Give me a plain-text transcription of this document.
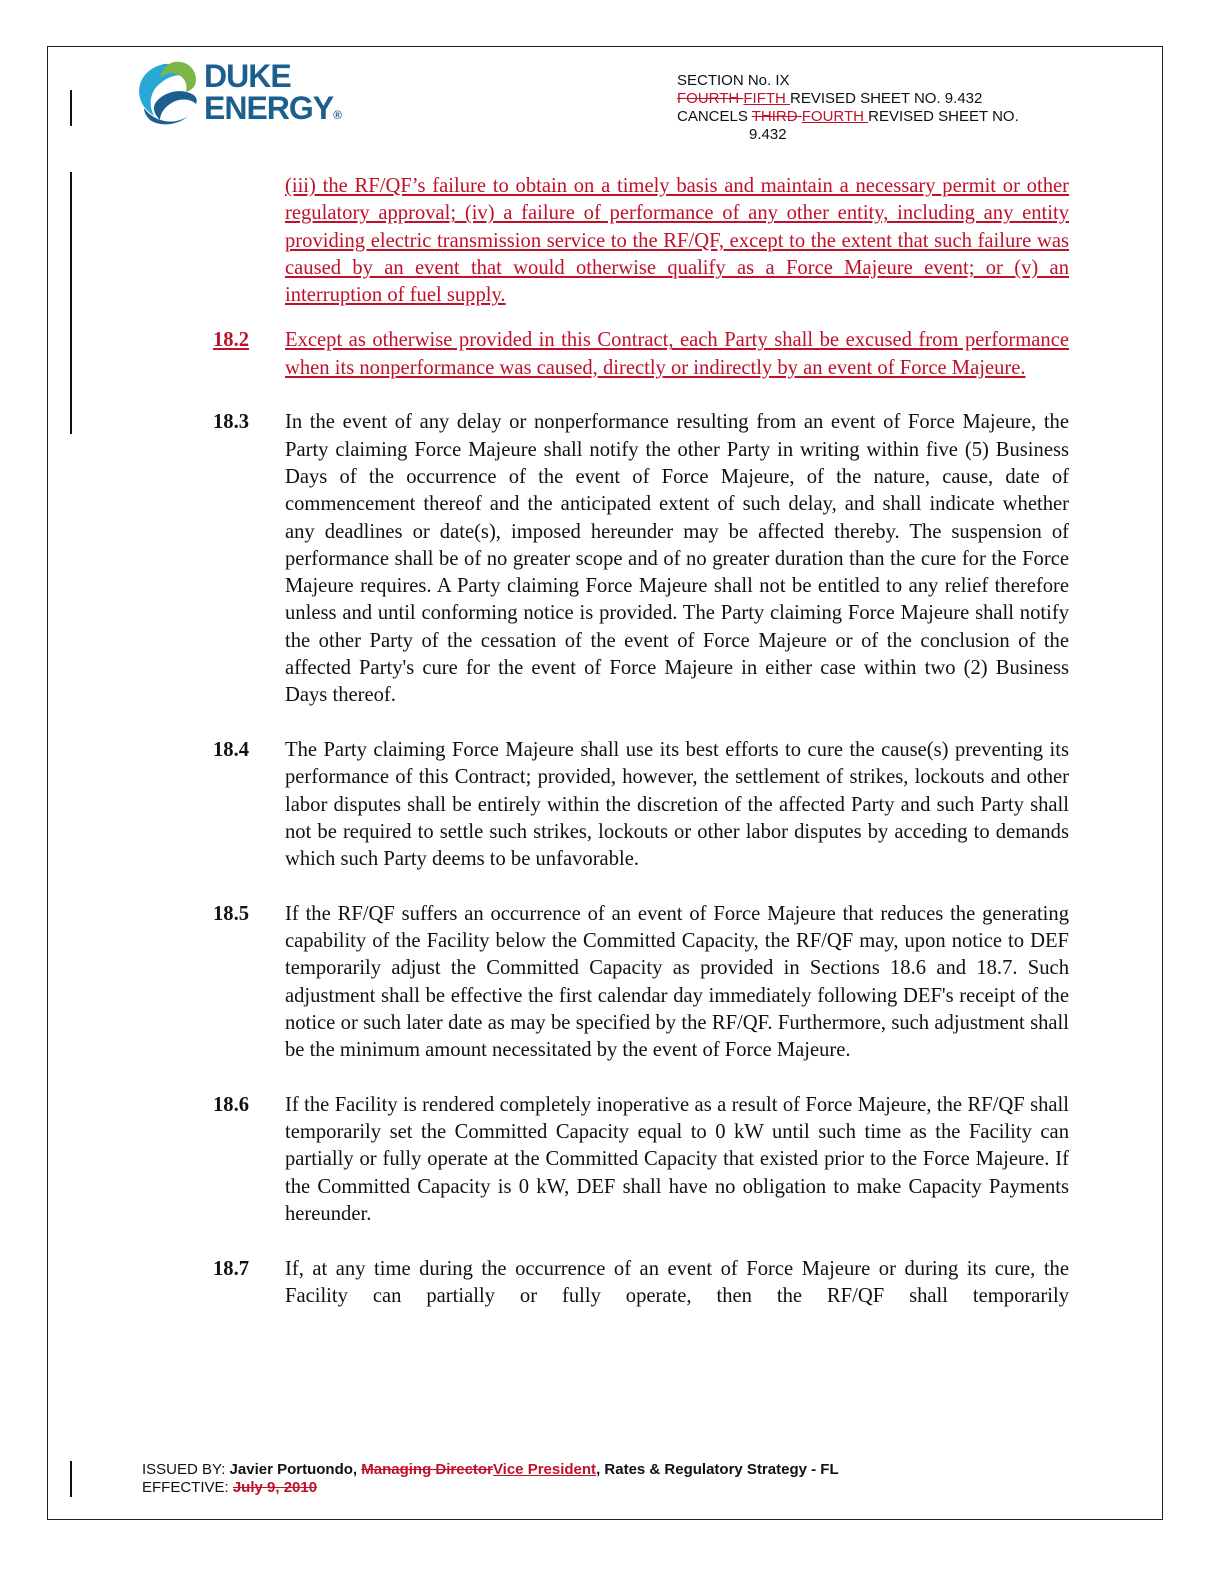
DUKE
ENERGY®
SECTION No. IX
FOURTH FIFTH REVISED SHEET NO. 9.432
CANCELS THIRD FOURTH REVISED SHEET NO.
9.432
(iii) the RF/QF’s failure to obtain on a timely basis and maintain a necessary permit or other regulatory approval; (iv) a failure of performance of any other entity, including any entity providing electric transmission service to the RF/QF, except to the extent that such failure was caused by an event that would otherwise qualify as a Force Majeure event; or (v) an interruption of fuel supply.
18.2	Except as otherwise provided in this Contract, each Party shall be excused from performance when its nonperformance was caused, directly or indirectly by an event of Force Majeure.
18.3	In the event of any delay or nonperformance resulting from an event of Force Majeure, the Party claiming Force Majeure shall notify the other Party in writing within five (5) Business Days of the occurrence of the event of Force Majeure, of the nature, cause, date of commencement thereof and the anticipated extent of such delay, and shall indicate whether any deadlines or date(s), imposed hereunder may be affected thereby. The suspension of performance shall be of no greater scope and of no greater duration than the cure for the Force Majeure requires. A Party claiming Force Majeure shall not be entitled to any relief therefore unless and until conforming notice is provided. The Party claiming Force Majeure shall notify the other Party of the cessation of the event of Force Majeure or of the conclusion of the affected Party's cure for the event of Force Majeure in either case within two (2) Business Days thereof.
18.4	The Party claiming Force Majeure shall use its best efforts to cure the cause(s) preventing its performance of this Contract; provided, however, the settlement of strikes, lockouts and other labor disputes shall be entirely within the discretion of the affected Party and such Party shall not be required to settle such strikes, lockouts or other labor disputes by acceding to demands which such Party deems to be unfavorable.
18.5	If the RF/QF suffers an occurrence of an event of Force Majeure that reduces the generating capability of the Facility below the Committed Capacity, the RF/QF may, upon notice to DEF temporarily adjust the Committed Capacity as provided in Sections 18.6 and 18.7. Such adjustment shall be effective the first calendar day immediately following DEF's receipt of the notice or such later date as may be specified by the RF/QF. Furthermore, such adjustment shall be the minimum amount necessitated by the event of Force Majeure.
18.6	If the Facility is rendered completely inoperative as a result of Force Majeure, the RF/QF shall temporarily set the Committed Capacity equal to 0 kW until such time as the Facility can partially or fully operate at the Committed Capacity that existed prior to the Force Majeure. If the Committed Capacity is 0 kW, DEF shall have no obligation to make Capacity Payments hereunder.
18.7	If, at any time during the occurrence of an event of Force Majeure or during its cure, the Facility can partially or fully operate, then the RF/QF shall temporarily
ISSUED BY: Javier Portuondo, Managing DirectorVice President, Rates & Regulatory Strategy - FL
EFFECTIVE: July 9, 2010
